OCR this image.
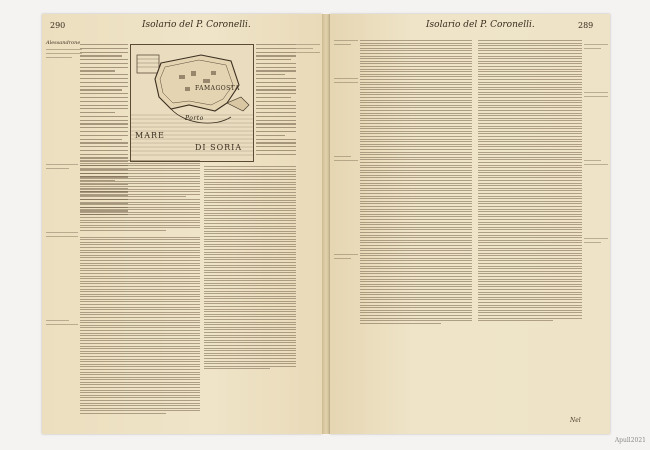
290	Isolario del P. Coronelli.
Alessandrone
FAMAGOSTA
Porto
MARE
DI SORIA
Isolario del P. Coronelli.	289
Nel
Apull2021
